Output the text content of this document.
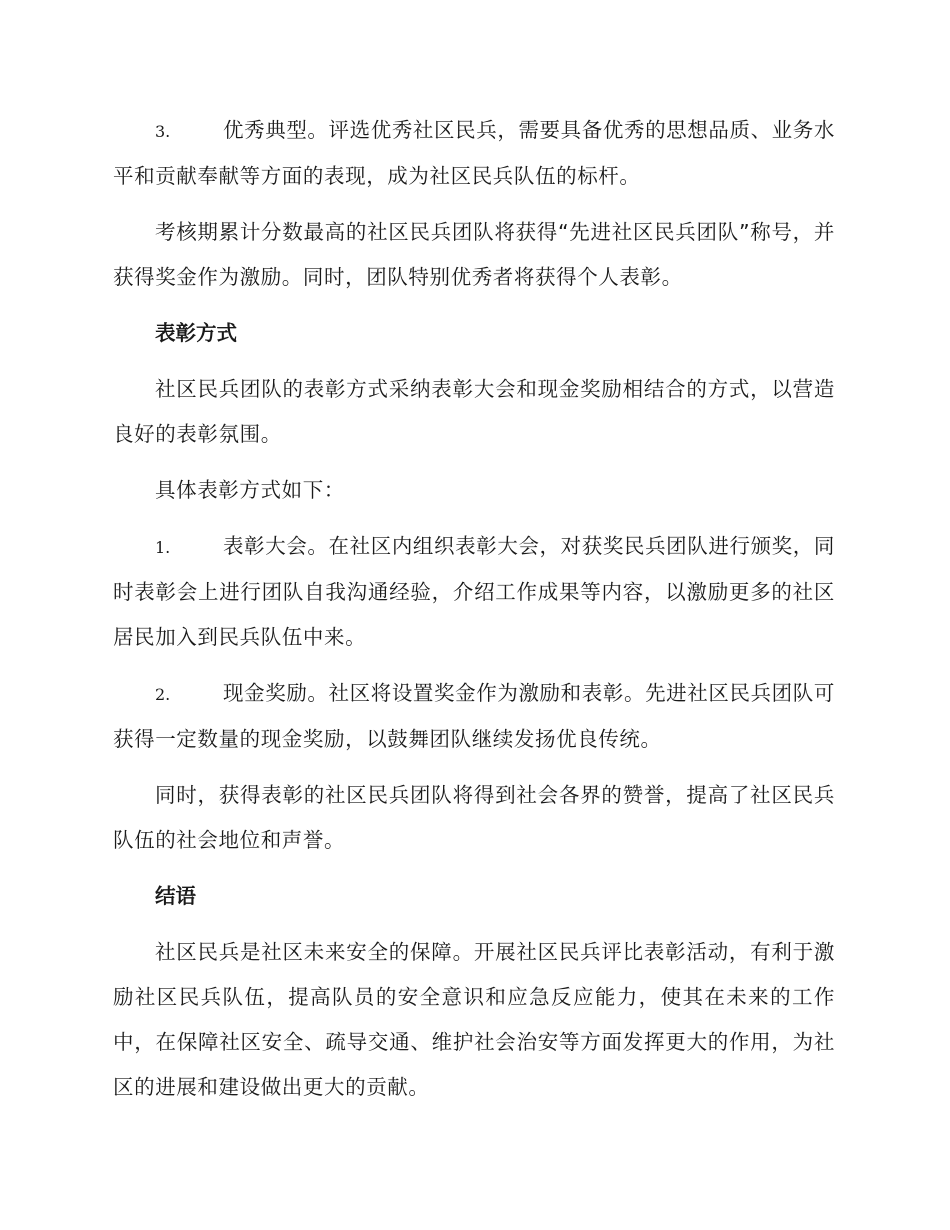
3.	优秀典型。评选优秀社区民兵，需要具备优秀的思想品质、业务水平和贡献奉献等方面的表现，成为社区民兵队伍的标杆。

考核期累计分数最高的社区民兵团队将获得“先进社区民兵团队”称号，并获得奖金作为激励。同时，团队特别优秀者将获得个人表彰。

表彰方式

社区民兵团队的表彰方式采纳表彰大会和现金奖励相结合的方式，以营造良好的表彰氛围。

具体表彰方式如下：

1.	表彰大会。在社区内组织表彰大会，对获奖民兵团队进行颁奖，同时表彰会上进行团队自我沟通经验，介绍工作成果等内容，以激励更多的社区居民加入到民兵队伍中来。

2.	现金奖励。社区将设置奖金作为激励和表彰。先进社区民兵团队可获得一定数量的现金奖励，以鼓舞团队继续发扬优良传统。

同时，获得表彰的社区民兵团队将得到社会各界的赞誉，提高了社区民兵队伍的社会地位和声誉。

结语

社区民兵是社区未来安全的保障。开展社区民兵评比表彰活动，有利于激励社区民兵队伍，提高队员的安全意识和应急反应能力，使其在未来的工作中，在保障社区安全、疏导交通、维护社会治安等方面发挥更大的作用，为社区的进展和建设做出更大的贡献。
